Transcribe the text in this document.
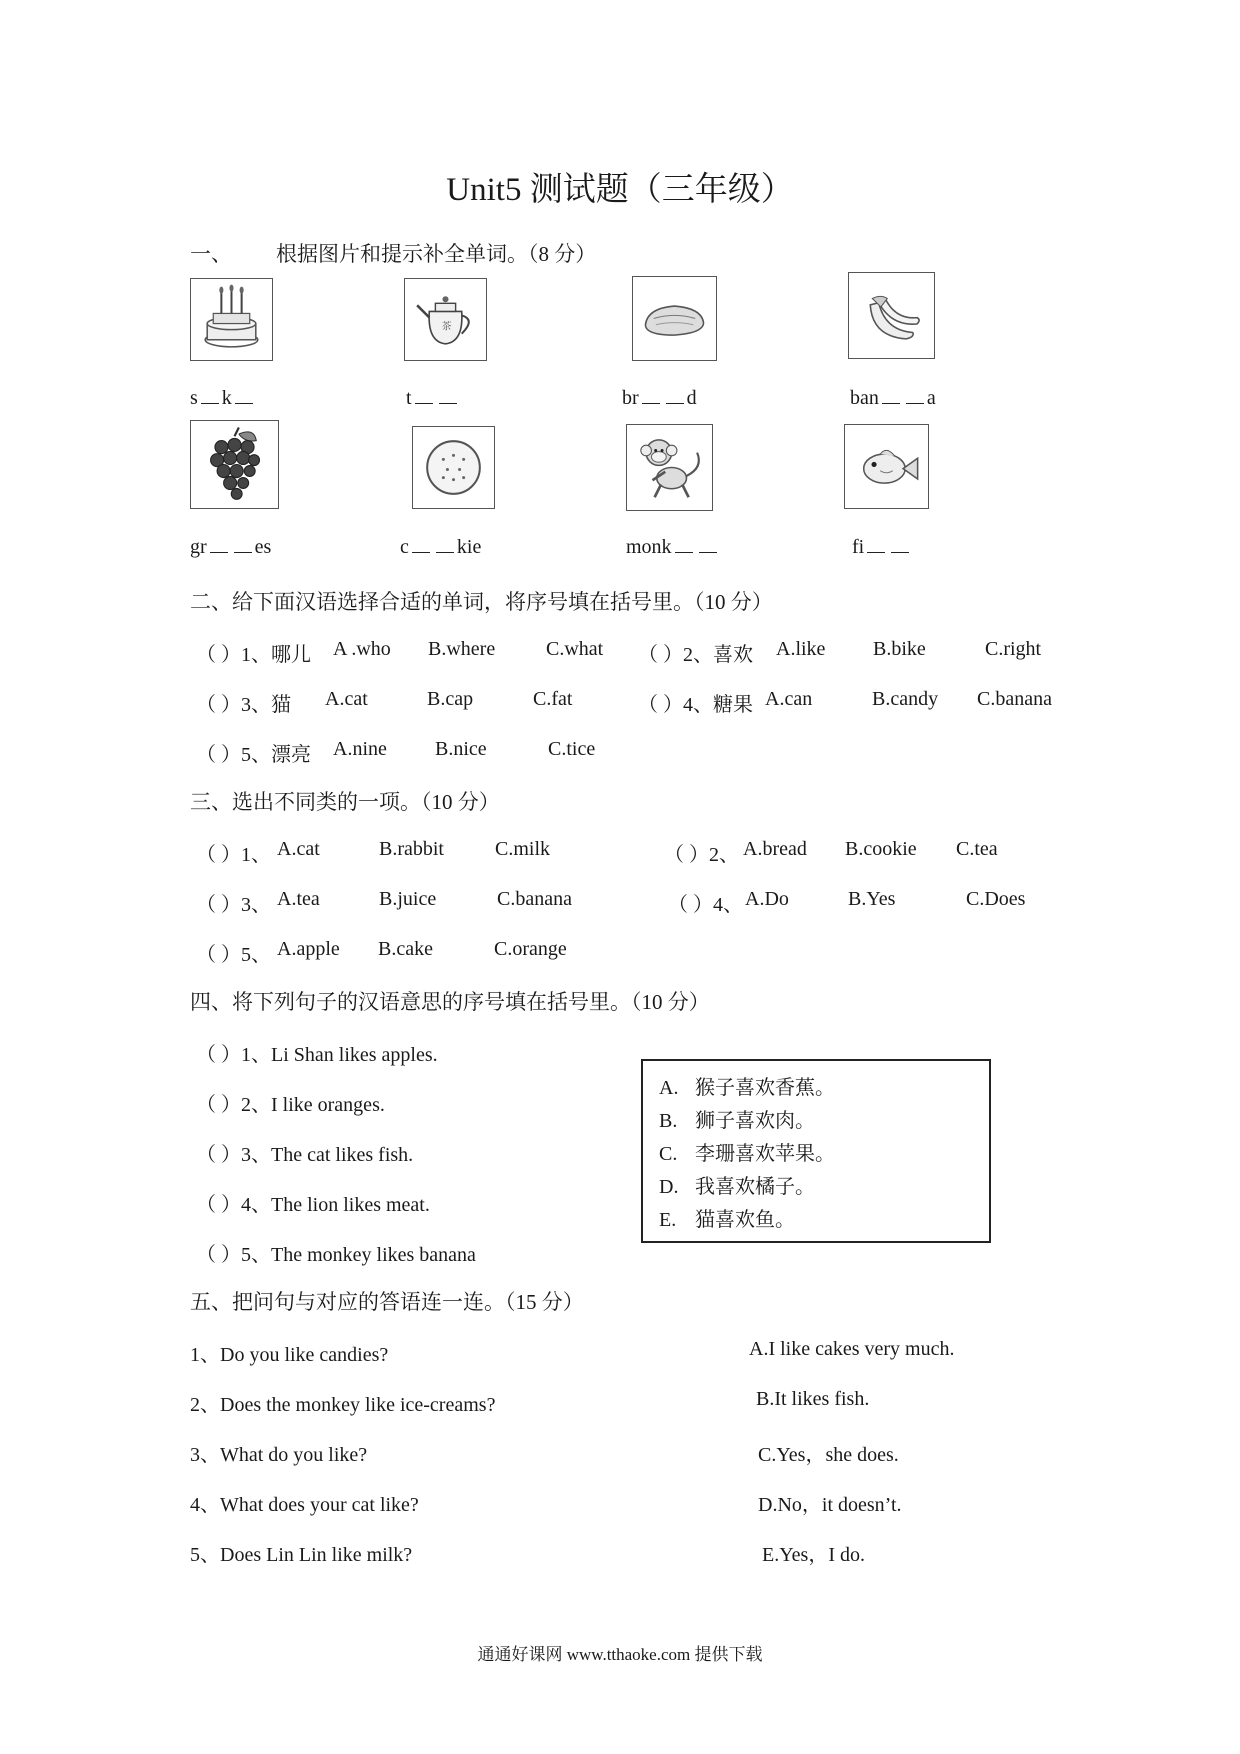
Unit5 测试题（三年级）
一、 根据图片和提示补全单词。（8 分）
茶
s k	t	br d	ban a
gr es	c kie	monk	fi
二、给下面汉语选择合适的单词，将序号填在括号里。（10 分）
（ ）1、哪儿 A .who B.where	C.what （ ）2、喜欢 A.like B.bike	C.right
（ ）3、猫 A.cat	B.cap	C.fat	（ ）4、糖果 A.can	B.candy C.banana
（ ）5、漂亮 A.nine B.nice	C.tice
三、选出不同类的一项。（10 分）
（ ）1、 A.cat	B.rabbit	C.milk	（ ）2、 A.bread B.cookie C.tea
（ ）3、 A.tea	B.juice	C.banana	（ ）4、 A.Do	B.Yes	C.Does
（ ）5、 A.apple B.cake	C.orange
四、将下列句子的汉语意思的序号填在括号里。（10 分）
（ ）1、Li Shan likes apples.
（ ）2、I like oranges.
（ ）3、The cat likes fish.
（ ）4、The lion likes meat.
（ ）5、The monkey likes banana
A. 猴子喜欢香蕉。
B. 狮子喜欢肉。
C. 李珊喜欢苹果。
D. 我喜欢橘子。
E. 猫喜欢鱼。
五、把问句与对应的答语连一连。（15 分）
1、Do you like candies?
2、Does the monkey like ice-creams?
3、What do you like?
4、What does your cat like?
5、Does Lin Lin like milk?
A.I like cakes very much.
B.It likes fish.
C.Yes，she does.
D.No，it doesn’t.
E.Yes，I do.
通通好课网 www.tthaoke.com 提供下载
